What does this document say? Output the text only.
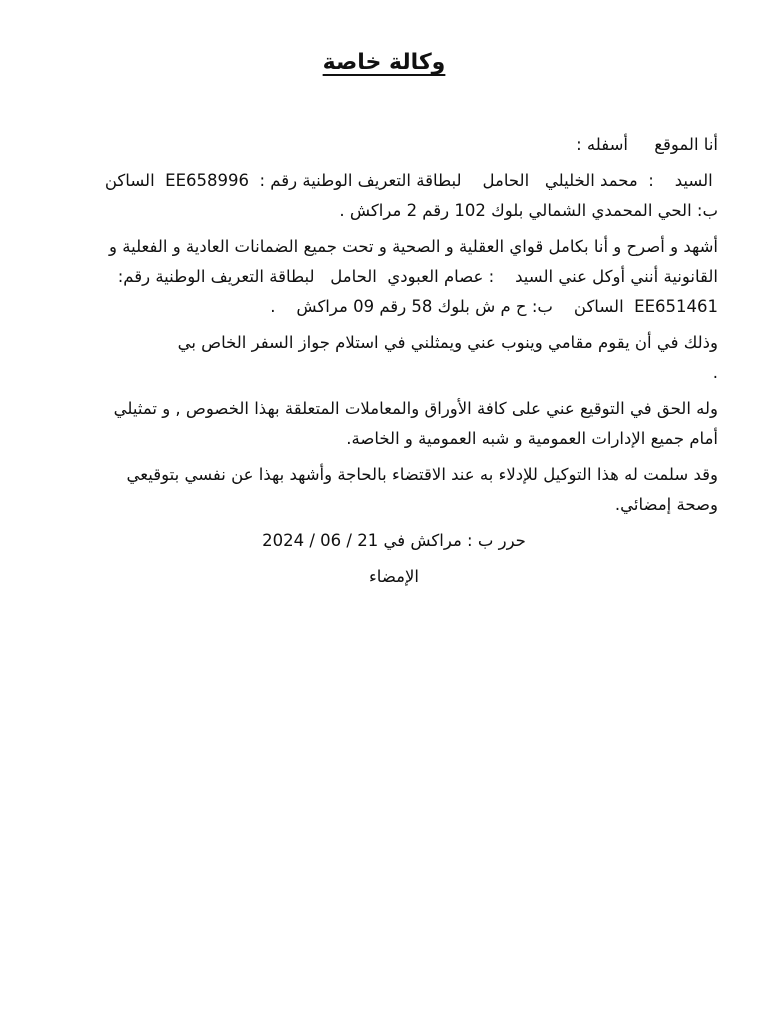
وكالة خاصة
أنا الموقع     أسفله :
السيد    :  محمد الخليلي   الحامل    لبطاقة التعريف الوطنية رقم :  EE658996  الساكن
ب: الحي المحمدي الشمالي بلوك 102 رقم 2 مراكش .
أشهد و أصرح و أنا بكامل قواي العقلية و الصحية و تحت جميع الضمانات العادية و الفعلية و
القانونية أنني أوكل عني السيد    : عصام العبودي  الحامل   لبطاقة التعريف الوطنية رقم:
EE651461  الساكن    ب: ح م ش بلوك 58 رقم 09 مراكش    .
وذلك في أن يقوم مقامي وينوب عني ويمثلني في استلام جواز السفر الخاص بي
.
وله الحق في التوقيع عني على كافة الأوراق والمعاملات المتعلقة بهذا الخصوص , و تمثيلي
أمام جميع الإدارات العمومية و شبه العمومية و الخاصة.
وقد سلمت له هذا التوكيل للإدلاء به عند الاقتضاء بالحاجة وأشهد بهذا عن نفسي بتوقيعي
وصحة إمضائي.
حرر ب : مراكش في 21 / 06 / 2024
الإمضاء
